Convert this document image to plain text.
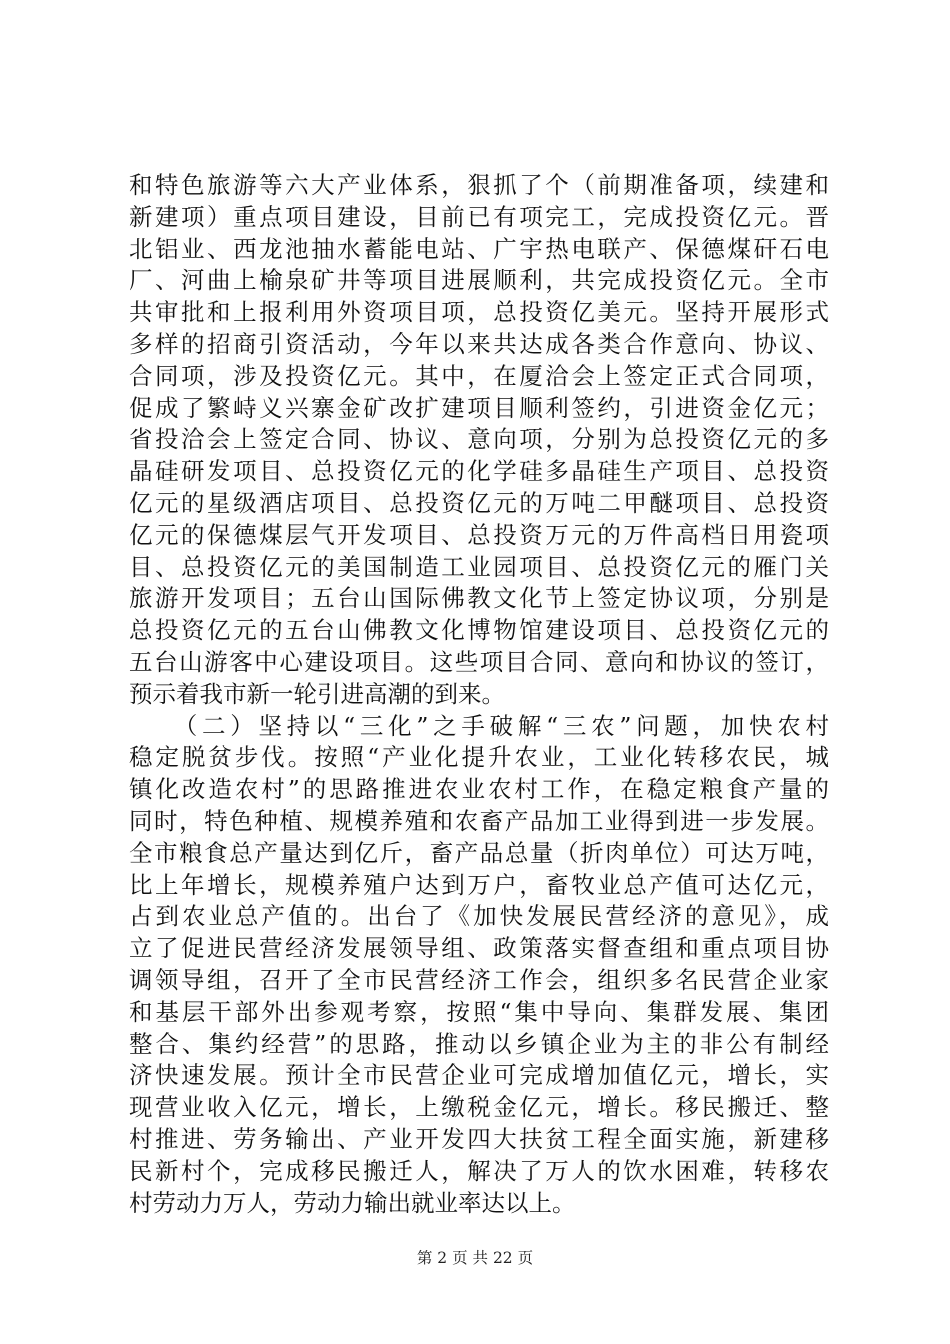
和特色旅游等六大产业体系，狠抓了个（前期准备项，续建和
新建项）重点项目建设，目前已有项完工，完成投资亿元。晋
北铝业、西龙池抽水蓄能电站、广宇热电联产、保德煤矸石电
厂、河曲上榆泉矿井等项目进展顺利，共完成投资亿元。全市
共审批和上报利用外资项目项，总投资亿美元。坚持开展形式
多样的招商引资活动，今年以来共达成各类合作意向、协议、
合同项，涉及投资亿元。其中，在厦洽会上签定正式合同项，
促成了繁峙义兴寨金矿改扩建项目顺利签约，引进资金亿元；
省投洽会上签定合同、协议、意向项，分别为总投资亿元的多
晶硅研发项目、总投资亿元的化学硅多晶硅生产项目、总投资
亿元的星级酒店项目、总投资亿元的万吨二甲醚项目、总投资
亿元的保德煤层气开发项目、总投资万元的万件高档日用瓷项
目、总投资亿元的美国制造工业园项目、总投资亿元的雁门关
旅游开发项目；五台山国际佛教文化节上签定协议项，分别是
总投资亿元的五台山佛教文化博物馆建设项目、总投资亿元的
五台山游客中心建设项目。这些项目合同、意向和协议的签订，
预示着我市新一轮引进高潮的到来。
　　（二）坚持以“三化”之手破解“三农”问题，加快农村
稳定脱贫步伐。按照“产业化提升农业，工业化转移农民，城
镇化改造农村”的思路推进农业农村工作，在稳定粮食产量的
同时，特色种植、规模养殖和农畜产品加工业得到进一步发展。
全市粮食总产量达到亿斤，畜产品总量（折肉单位）可达万吨，
比上年增长，规模养殖户达到万户，畜牧业总产值可达亿元，
占到农业总产值的。出台了《加快发展民营经济的意见》，成
立了促进民营经济发展领导组、政策落实督查组和重点项目协
调领导组，召开了全市民营经济工作会，组织多名民营企业家
和基层干部外出参观考察，按照“集中导向、集群发展、集团
整合、集约经营”的思路，推动以乡镇企业为主的非公有制经
济快速发展。预计全市民营企业可完成增加值亿元，增长，实
现营业收入亿元，增长，上缴税金亿元，增长。移民搬迁、整
村推进、劳务输出、产业开发四大扶贫工程全面实施，新建移
民新村个，完成移民搬迁人，解决了万人的饮水困难，转移农
村劳动力万人，劳动力输出就业率达以上。
第 2 页 共 22 页
